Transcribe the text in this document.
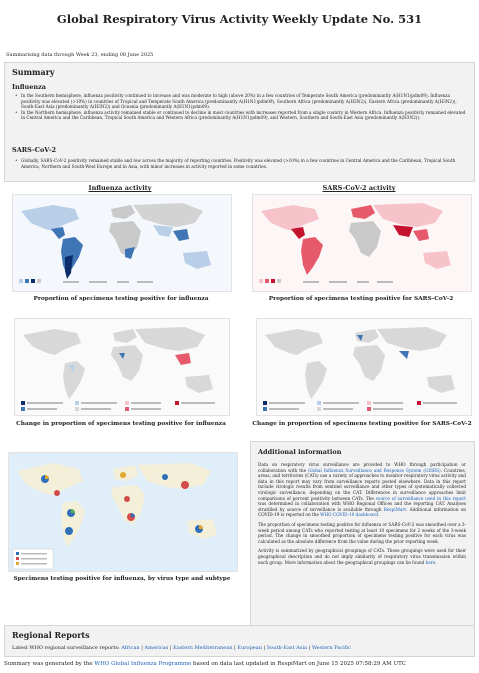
Global Respiratory Virus Activity Weekly Update No. 531
Summarising data through Week 23, ending 08 June 2025
Summary
Influenza
• In the Southern hemisphere, influenza positivity continued to increase and was moderate to high (above 20%) in a few countries of Temperate South America (predominantly A(H1N1)pdm09). Influenza positivity was elevated (>10%) in countries of Tropical and Temperate South America (predominantly A(H1N1)pdm09), Southern Africa (predominantly A(H3N2)), Eastern Africa (predominantly A(H3N2)), South-East Asia (predominantly A(H3N2)) and Oceania (predominantly A(H1N1)pdm09).
• In the Northern hemisphere, influenza activity remained stable or continued to decline in most countries with increases reported from a single country in Western Africa. Influenza positivity remained elevated in Central America and the Caribbean, Tropical South America and Western Africa (predominantly A(H1N1)pdm09), and Western, Southern and South-East Asia (predominantly A(H3N2)).
SARS-CoV-2
• Globally, SARS-CoV-2 positivity remained stable and low across the majority of reporting countries. Positivity was elevated (>10%) in a few countries in Central America and the Caribbean, Tropical South America, Northern and South-West Europe and in Asia, with minor increases in activity reported in some countries.
Influenza activity	SARS-CoV-2 activity
Proportion of specimens testing positive for influenza	Proportion of specimens testing positive for SARS-CoV-2
Change in proportion of specimens testing positive for influenza	Change in proportion of specimens testing positive for SARS-CoV-2
Specimens testing positive for influenza, by virus type and subtype
Additional information

Data on respiratory virus surveillance are provided to WHO through participation or collaboration with the Global Influenza Surveillance and Response System (GISRS). Countries, areas, and territories (CATs) use a variety of approaches to monitor respiratory virus activity and data in this report may vary from surveillance reports posted elsewhere. Data in this report include virologic results from sentinel surveillance and other types of systematically collected virologic surveillance, depending on the CAT. Differences in surveillance approaches limit comparisons of percent positivity between CATs. The source of surveillance used in this report was determined in collaboration with WHO Regional Offices and the reporting CAT. Analyses stratified by source of surveillance is available through RespiMart. Additional information on COVID-19 is reported on the WHO COVID-19 dashboard.

The proportion of specimens testing positive for influenza or SARS-CoV-2 was smoothed over a 3-week period among CATs who reported testing at least 10 specimens for 2 weeks of the 3-week period. The change in smoothed proportion of specimens testing positive for each virus was calculated as the absolute difference from the value during the prior reporting week.

Activity is summarized by geographical groupings of CATs. These groupings were used for their geographical description and do not imply similarity of respiratory virus transmission within each group. More information about the geographical groupings can be found here.

Regional Reports
Latest WHO regional surveillance reports: African | Americas | Eastern Mediterranean | European | South-East Asia | Western Pacific
Summary was generated by the WHO Global Influenza Programme based on data last updated in RespiMart on June 15 2025 07:58:29 AM UTC
